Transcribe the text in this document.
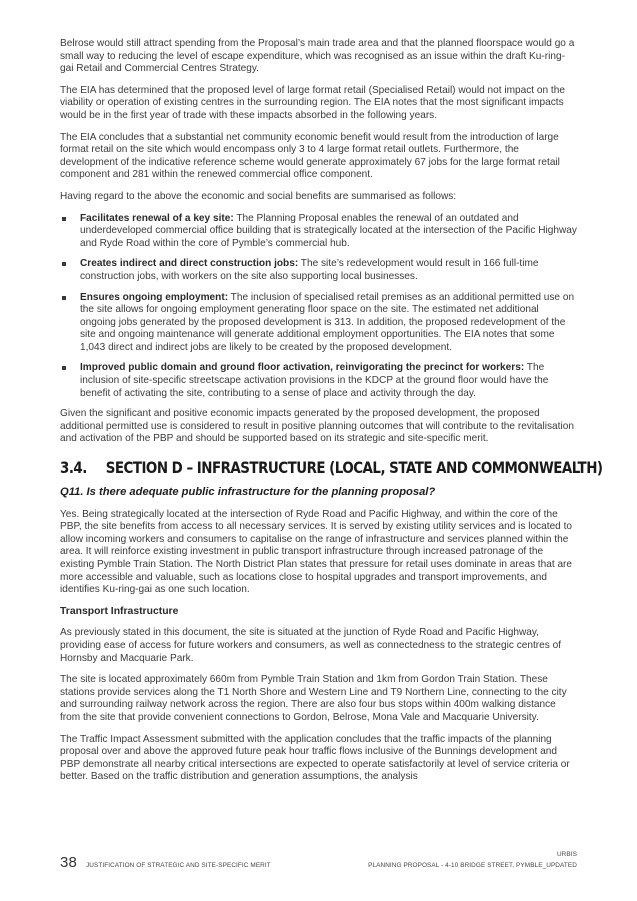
Belrose would still attract spending from the Proposal’s main trade area and that the planned floorspace would go a small way to reducing the level of escape expenditure, which was recognised as an issue within the draft Ku-ring-gai Retail and Commercial Centres Strategy.

The EIA has determined that the proposed level of large format retail (Specialised Retail) would not impact on the viability or operation of existing centres in the surrounding region. The EIA notes that the most significant impacts would be in the first year of trade with these impacts absorbed in the following years.

The EIA concludes that a substantial net community economic benefit would result from the introduction of large format retail on the site which would encompass only 3 to 4 large format retail outlets. Furthermore, the development of the indicative reference scheme would generate approximately 67 jobs for the large format retail component and 281 within the renewed commercial office component.

Having regard to the above the economic and social benefits are summarised as follows:

Facilitates renewal of a key site: The Planning Proposal enables the renewal of an outdated and underdeveloped commercial office building that is strategically located at the intersection of the Pacific Highway and Ryde Road within the core of Pymble’s commercial hub.
Creates indirect and direct construction jobs: The site’s redevelopment would result in 166 full-time construction jobs, with workers on the site also supporting local businesses.
Ensures ongoing employment: The inclusion of specialised retail premises as an additional permitted use on the site allows for ongoing employment generating floor space on the site. The estimated net additional ongoing jobs generated by the proposed development is 313. In addition, the proposed redevelopment of the site and ongoing maintenance will generate additional employment opportunities. The EIA notes that some 1,043 direct and indirect jobs are likely to be created by the proposed development.
Improved public domain and ground floor activation, reinvigorating the precinct for workers: The inclusion of site-specific streetscape activation provisions in the KDCP at the ground floor would have the benefit of activating the site, contributing to a sense of place and activity through the day.

Given the significant and positive economic impacts generated by the proposed development, the proposed additional permitted use is considered to result in positive planning outcomes that will contribute to the revitalisation and activation of the PBP and should be supported based on its strategic and site-specific merit.

3.4. SECTION D – INFRASTRUCTURE (LOCAL, STATE AND COMMONWEALTH)
Q11. Is there adequate public infrastructure for the planning proposal?

Yes. Being strategically located at the intersection of Ryde Road and Pacific Highway, and within the core of the PBP, the site benefits from access to all necessary services. It is served by existing utility services and is located to allow incoming workers and consumers to capitalise on the range of infrastructure and services planned within the area. It will reinforce existing investment in public transport infrastructure through increased patronage of the existing Pymble Train Station. The North District Plan states that pressure for retail uses dominate in areas that are more accessible and valuable, such as locations close to hospital upgrades and transport improvements, and identifies Ku-ring-gai as one such location.

Transport Infrastructure

As previously stated in this document, the site is situated at the junction of Ryde Road and Pacific Highway, providing ease of access for future workers and consumers, as well as connectedness to the strategic centres of Hornsby and Macquarie Park.

The site is located approximately 660m from Pymble Train Station and 1km from Gordon Train Station. These stations provide services along the T1 North Shore and Western Line and T9 Northern Line, connecting to the city and surrounding railway network across the region. There are also four bus stops within 400m walking distance from the site that provide convenient connections to Gordon, Belrose, Mona Vale and Macquarie University.

The Traffic Impact Assessment submitted with the application concludes that the traffic impacts of the planning proposal over and above the approved future peak hour traffic flows inclusive of the Bunnings development and PBP demonstrate all nearby critical intersections are expected to operate satisfactorily at level of service criteria or better. Based on the traffic distribution and generation assumptions, the analysis

38 JUSTIFICATION OF STRATEGIC AND SITE-SPECIFIC MERIT
URBIS
PLANNING PROPOSAL - 4-10 BRIDGE STREET, PYMBLE_UPDATED
